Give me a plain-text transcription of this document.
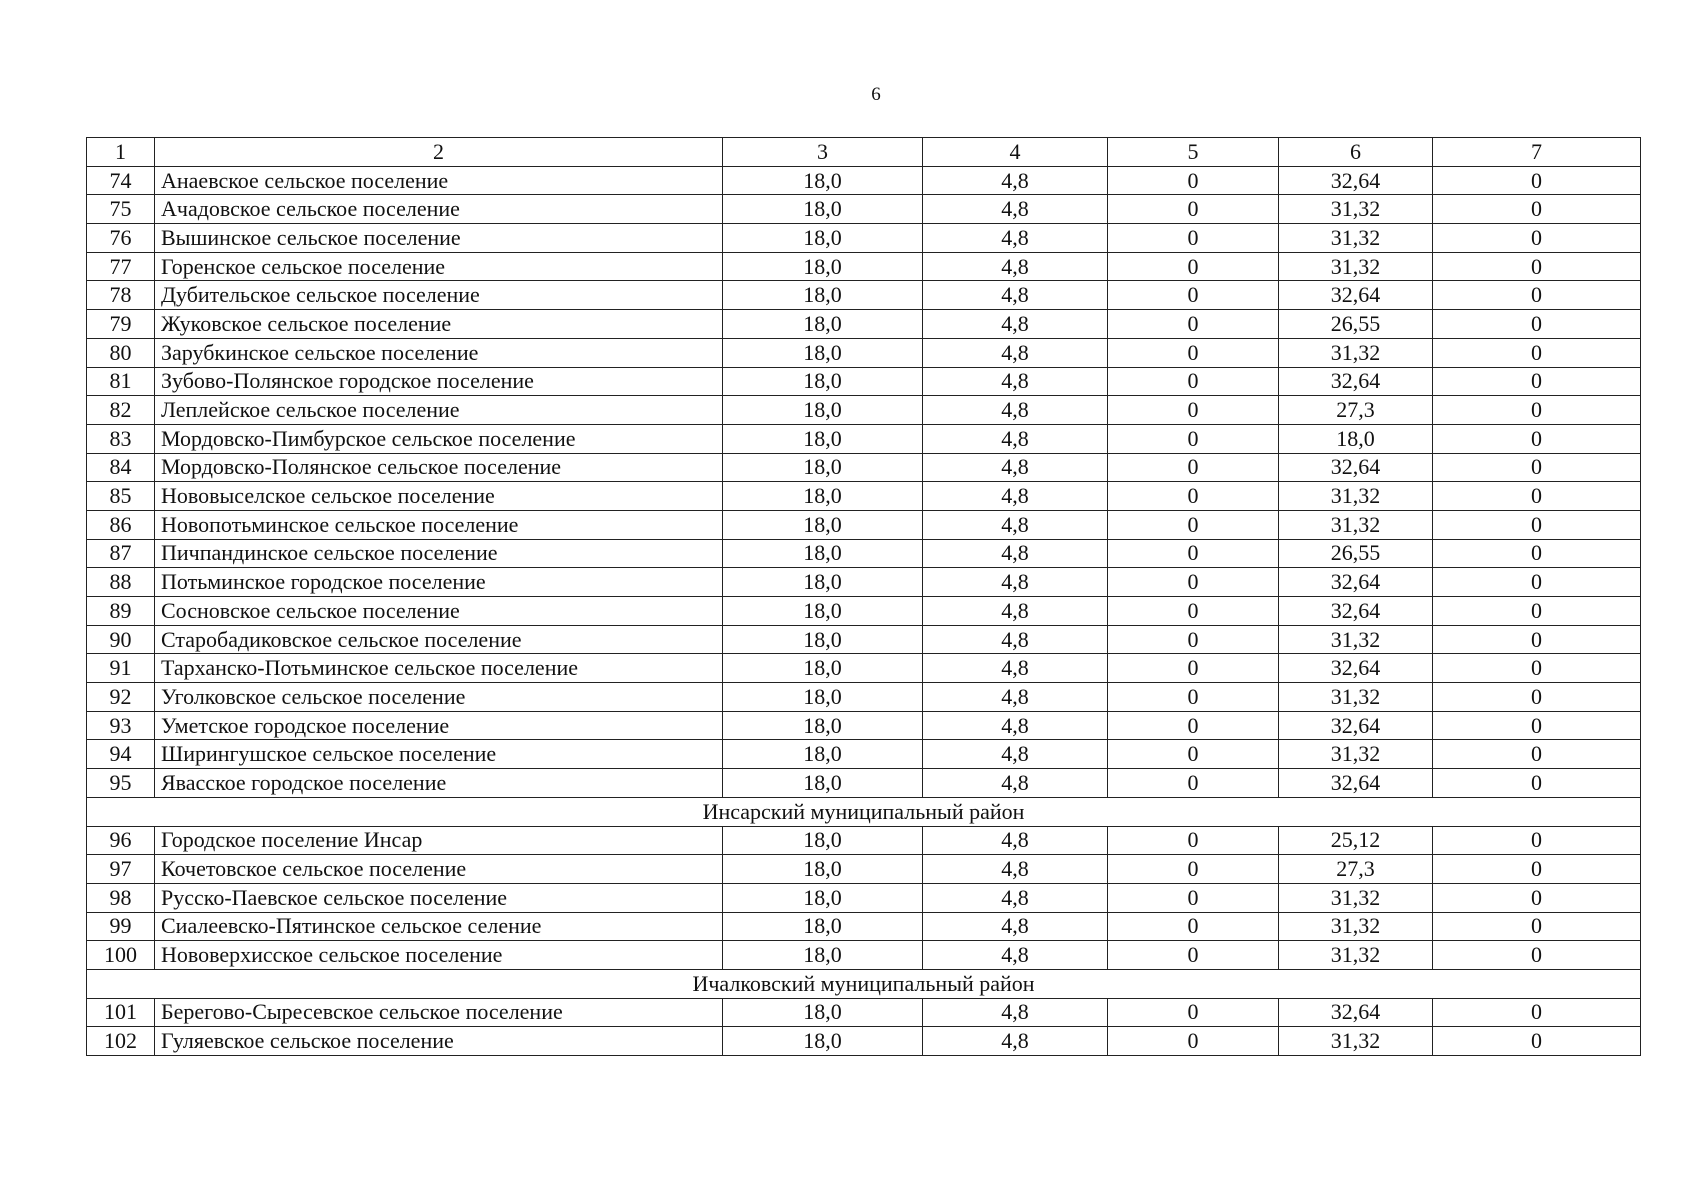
6
1	2	3	4	5	6	7
74	Анаевское сельское поселение	18,0	4,8	0	32,64	0
75	Ачадовское сельское поселение	18,0	4,8	0	31,32	0
76	Вышинское сельское поселение	18,0	4,8	0	31,32	0
77	Горенское сельское поселение	18,0	4,8	0	31,32	0
78	Дубительское сельское поселение	18,0	4,8	0	32,64	0
79	Жуковское сельское поселение	18,0	4,8	0	26,55	0
80	Зарубкинское сельское поселение	18,0	4,8	0	31,32	0
81	Зубово-Полянское городское поселение	18,0	4,8	0	32,64	0
82	Леплейское сельское поселение	18,0	4,8	0	27,3	0
83	Мордовско-Пимбурское сельское поселение	18,0	4,8	0	18,0	0
84	Мордовско-Полянское сельское поселение	18,0	4,8	0	32,64	0
85	Нововыселское сельское поселение	18,0	4,8	0	31,32	0
86	Новопотьминское сельское поселение	18,0	4,8	0	31,32	0
87	Пичпандинское сельское поселение	18,0	4,8	0	26,55	0
88	Потьминское городское поселение	18,0	4,8	0	32,64	0
89	Сосновское сельское поселение	18,0	4,8	0	32,64	0
90	Старобадиковское сельское поселение	18,0	4,8	0	31,32	0
91	Тарханско-Потьминское сельское поселение	18,0	4,8	0	32,64	0
92	Уголковское сельское поселение	18,0	4,8	0	31,32	0
93	Уметское городское поселение	18,0	4,8	0	32,64	0
94	Ширингушское сельское поселение	18,0	4,8	0	31,32	0
95	Явасское городское поселение	18,0	4,8	0	32,64	0
Инсарский муниципальный район						
96	Городское поселение Инсар	18,0	4,8	0	25,12	0
97	Кочетовское сельское поселение	18,0	4,8	0	27,3	0
98	Русско-Паевское сельское поселение	18,0	4,8	0	31,32	0
99	Сиалеевско-Пятинское сельское селение	18,0	4,8	0	31,32	0
100	Нововерхисское сельское поселение	18,0	4,8	0	31,32	0
Ичалковский муниципальный район						
101	Берегово-Сыресевское сельское поселение	18,0	4,8	0	32,64	0
102	Гуляевское сельское поселение	18,0	4,8	0	31,32	0
